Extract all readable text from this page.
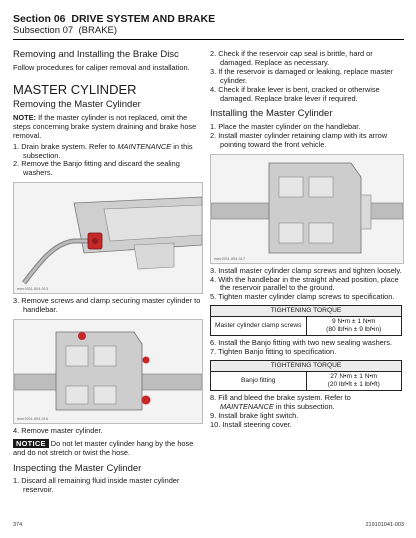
Section 06 DRIVE SYSTEM AND BRAKE
Subsection 07 (BRAKE)
Removing and Installing the Brake Disc

Follow procedures for caliper removal and installation.

MASTER CYLINDER
Removing the Master Cylinder

NOTE: If the master cylinder is not replaced, omit the steps concerning brake system draining and brake hose removal.

1. Drain brake system. Refer to MAINTENANCE in this subsection.
2. Remove the Banjo fitting and discard the sealing washers.
mmr2011-004-013
3. Remove screws and clamp securing master cylinder to handlebar.
mmr2011-004-016
4. Remove master cylinder.

NOTICE Do not let master cylinder hang by the hose and do not stretch or twist the hose.

Inspecting the Master Cylinder
1. Discard all remaining fluid inside master cylinder reservoir.
2. Check if the reservoir cap seal is brittle, hard or damaged. Replace as necessary.
3. If the reservoir is damaged or leaking, replace master cylinder.
4. Check if brake lever is bent, cracked or otherwise damaged. Replace brake lever if required.
Installing the Master Cylinder
1. Place the master cylinder on the handlebar.
2. Install master cylinder retaining clamp with its arrow pointing toward the front vehicle.
mmr2011-004-017
3. Install master cylinder clamp screws and tighten loosely.
4. With the handlebar in the straight ahead position, place the reservoir parallel to the ground.
5. Tighten master cylinder clamp screws to specification.
TIGHTENING TORQUE
Master cylinder clamp screws	9 N•m ± 1 N•m
(80 lbf•in ± 9 lbf•in)
6. Install the Banjo fitting with two new sealing washers.
7. Tighten Banjo fitting to specification.
TIGHTENING TORQUE
Banjo fitting	27 N•m ± 1 N•m
(20 lbf•ft ± 1 lbf•ft)
8. Fill and bleed the brake system. Refer to MAINTENANCE in this subsection.
9. Install brake light switch.
10. Install steering cover.
374	219101041-003
